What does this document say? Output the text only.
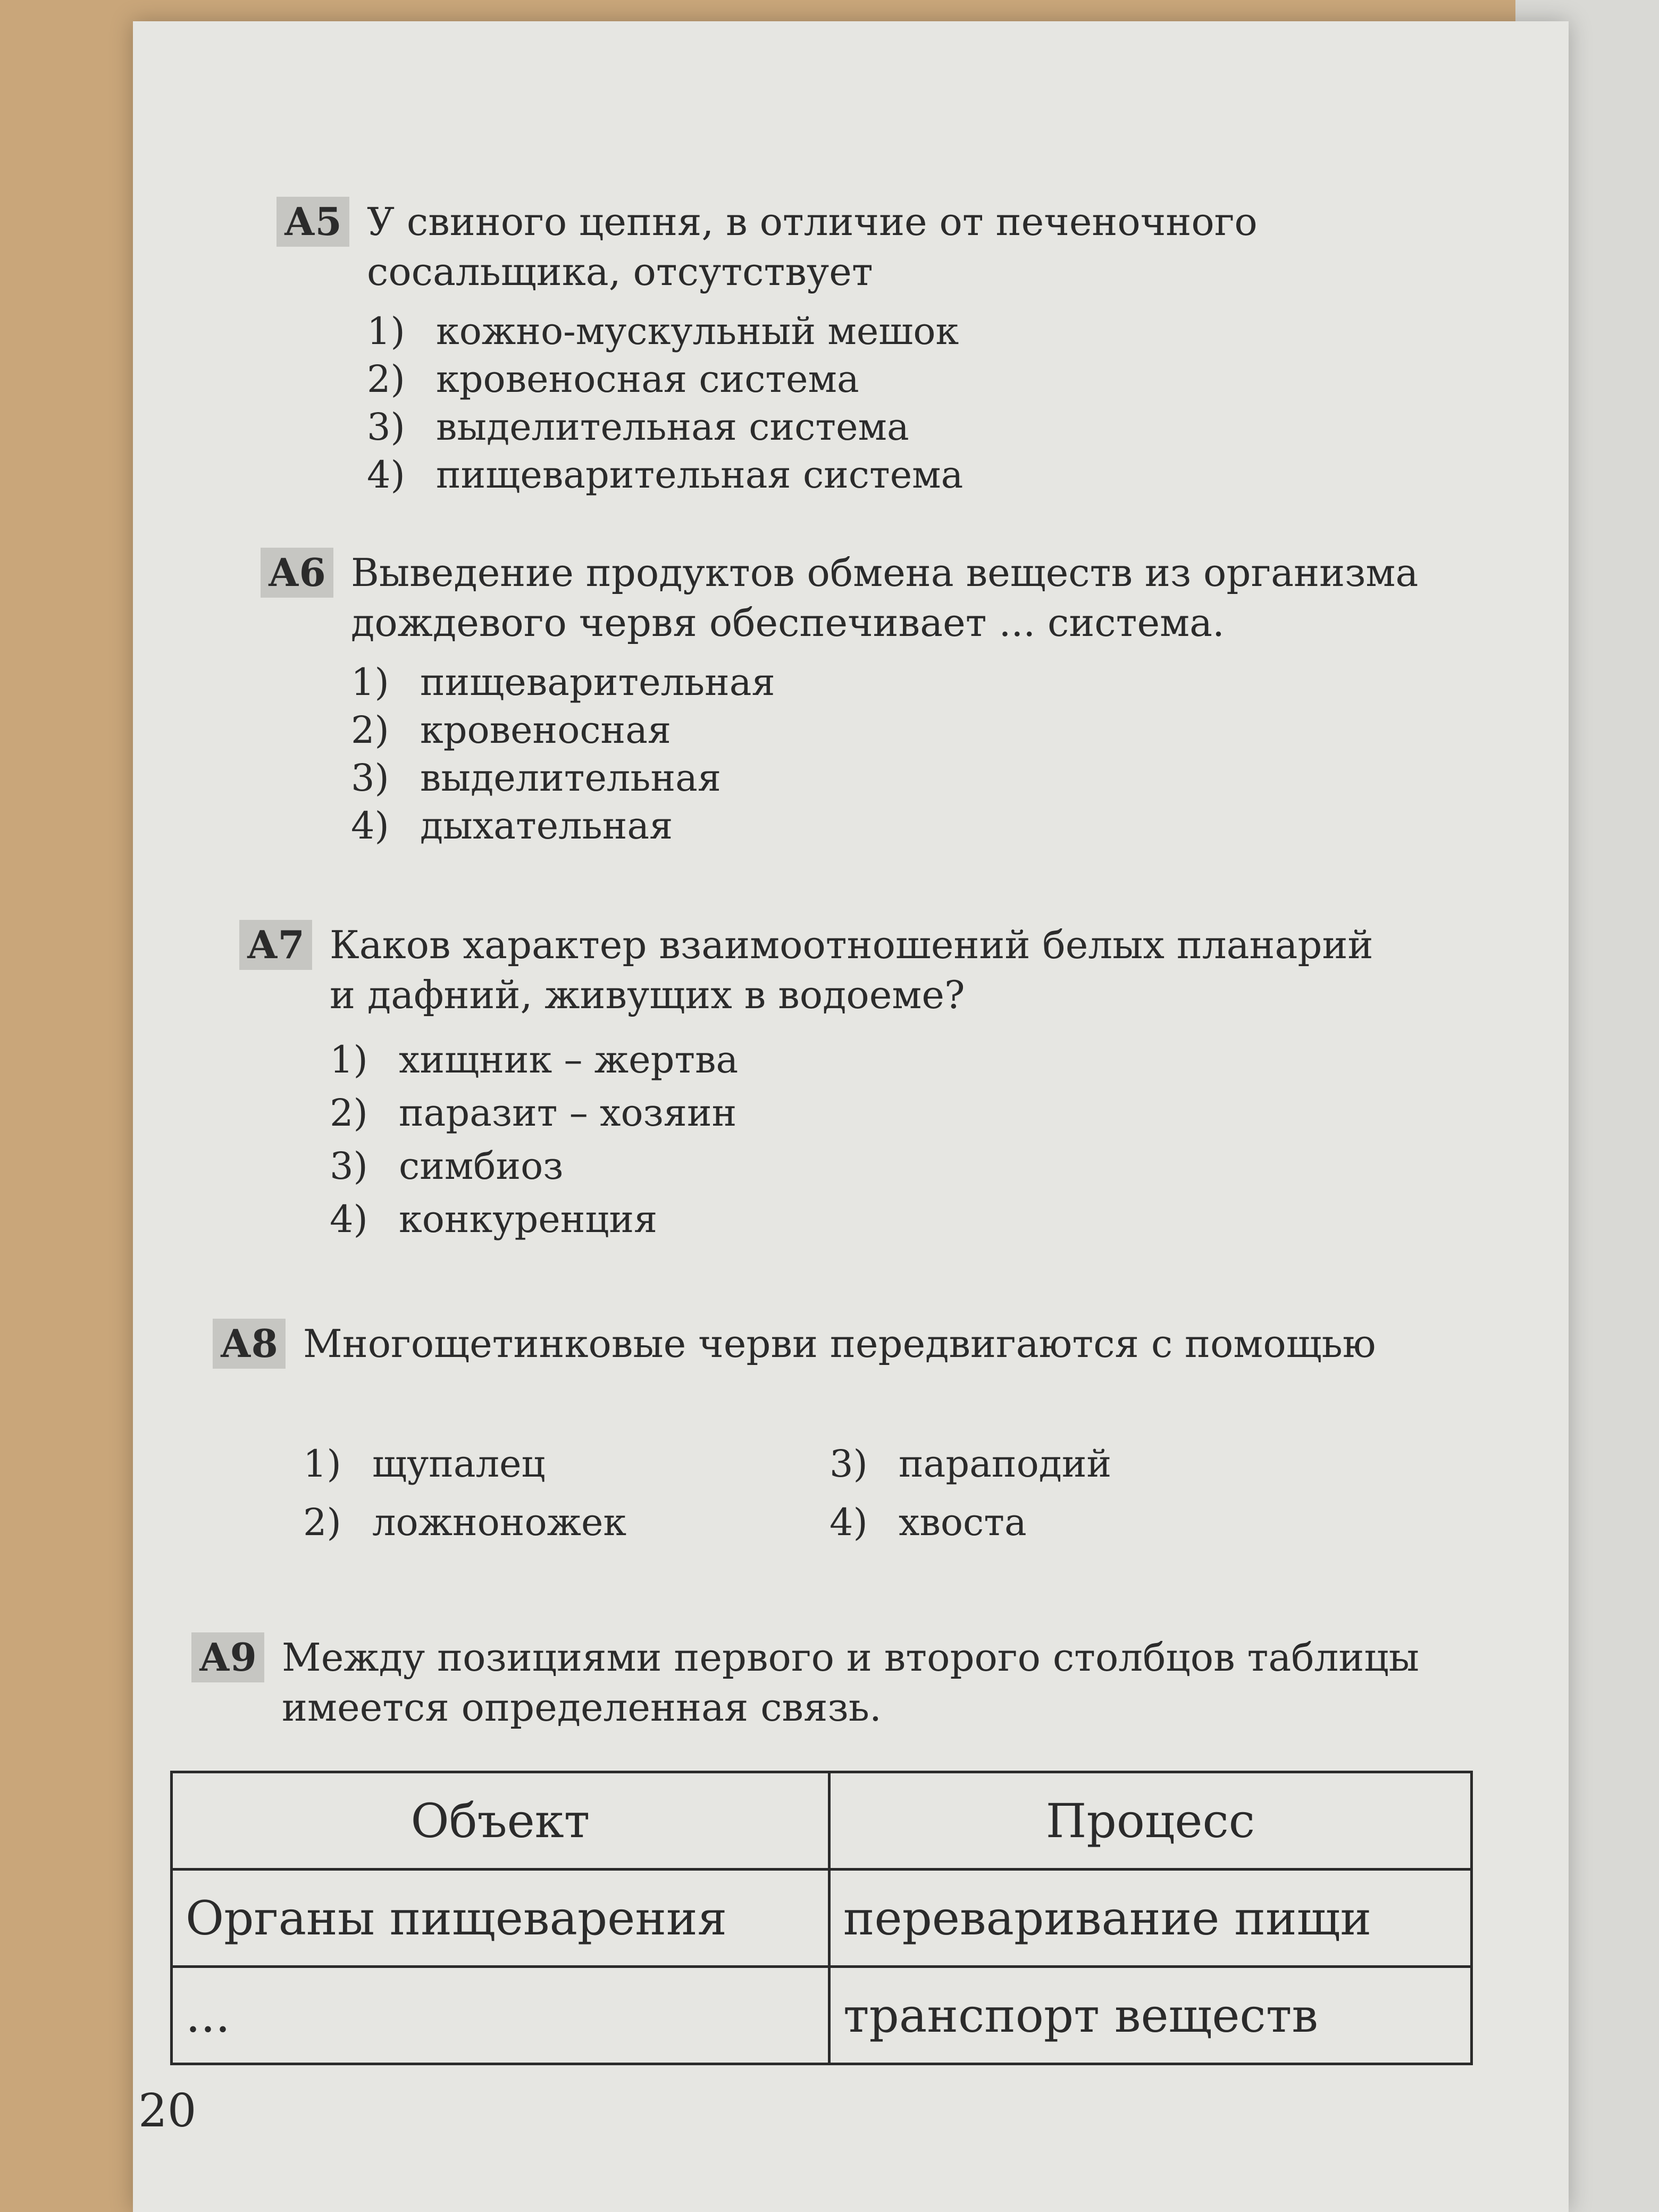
А5 У свиного цепня, в отличие от печеночного сосальщика, отсутствует
1) кожно-мускульный мешок
2) кровеносная система
3) выделительная система
4) пищеварительная система
А6 Выведение продуктов обмена веществ из организма дождевого червя обеспечивает ... система.
1) пищеварительная
2) кровеносная
3) выделительная
4) дыхательная
А7 Каков характер взаимоотношений белых планарий и дафний, живущих в водоеме?
1) хищник – жертва
2) паразит – хозяин
3) симбиоз
4) конкуренция
А8 Многощетинковые черви передвигаются с помощью
1) щупалец
2) ложноножек
3) параподий
4) хвоста
А9 Между позициями первого и второго столбцов таблицы имеется определенная связь.
20
Объект	Процесс
Органы пищеварения	переваривание пищи
...	транспорт веществ
